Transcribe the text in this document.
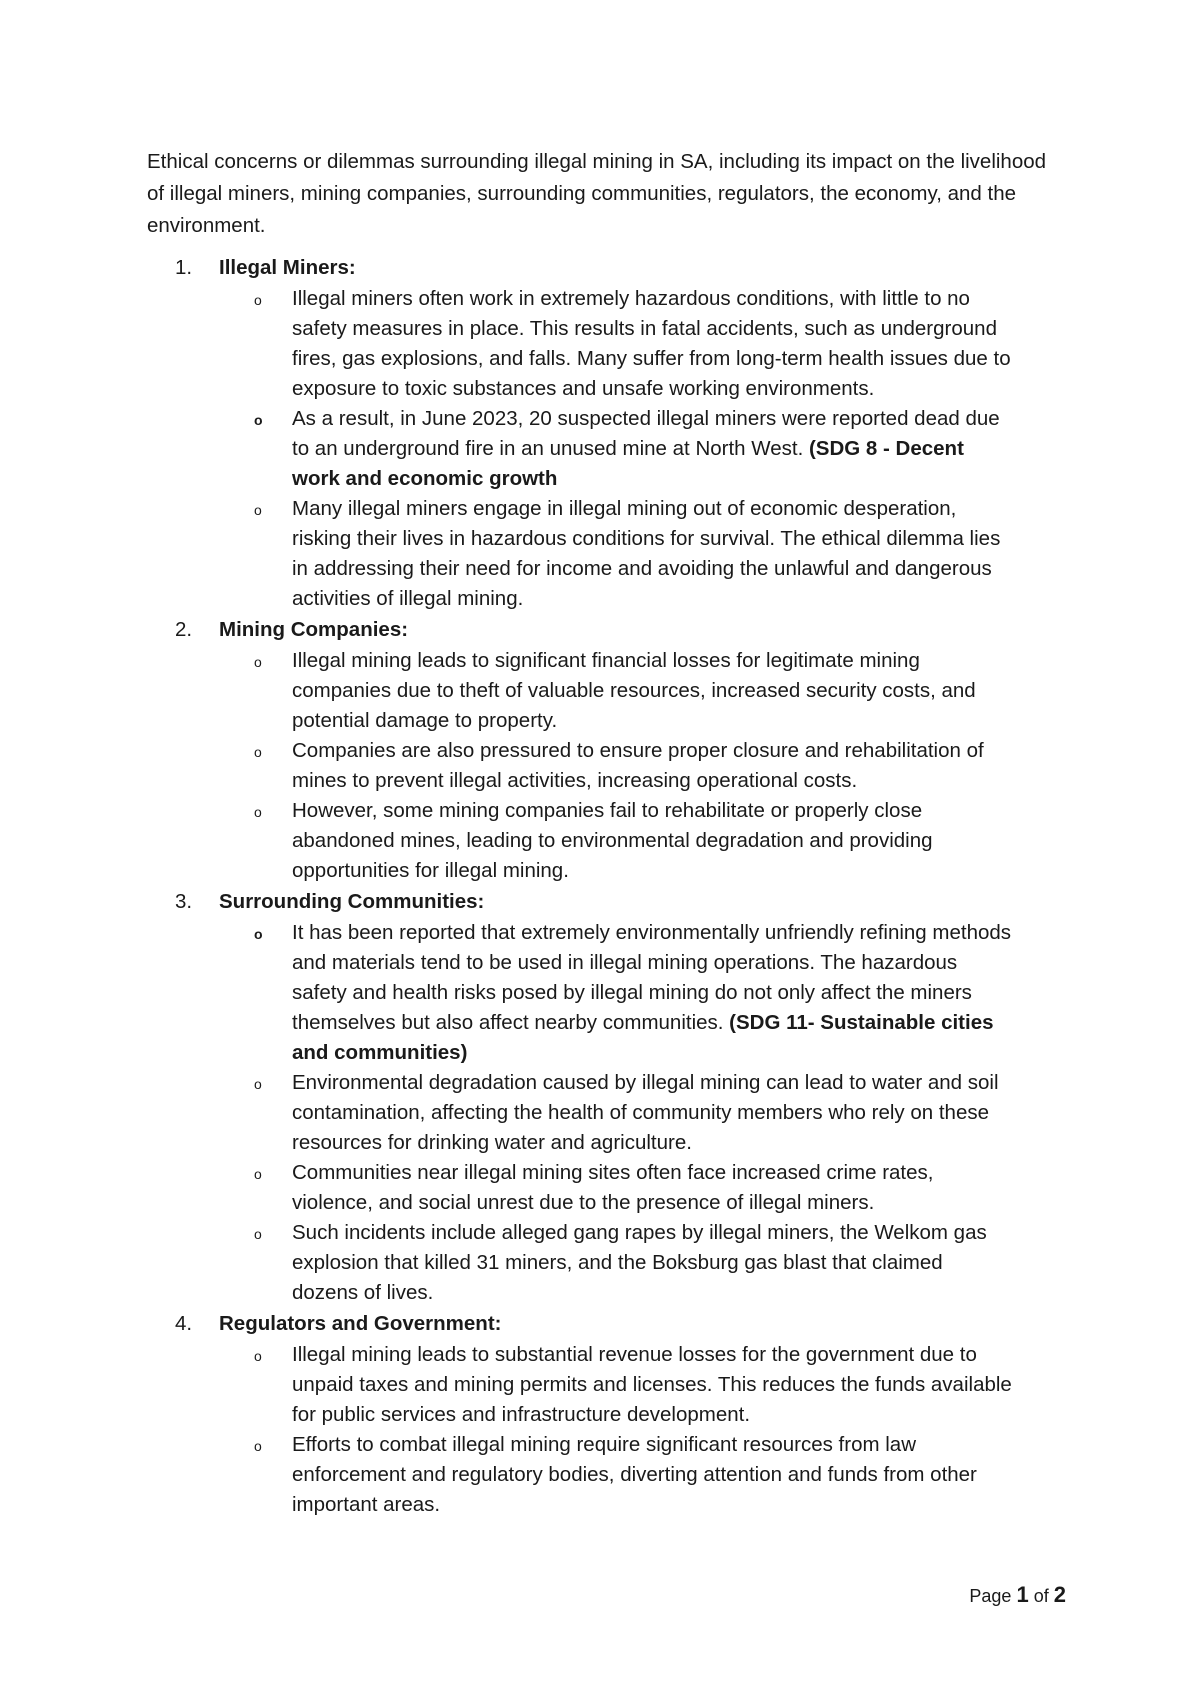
Ethical concerns or dilemmas surrounding illegal mining in SA, including its impact on the livelihood of illegal miners, mining companies, surrounding communities, regulators, the economy, and the environment.

1.	Illegal Miners:
o Illegal miners often work in extremely hazardous conditions, with little to no safety measures in place. This results in fatal accidents, such as underground fires, gas explosions, and falls. Many suffer from long-term health issues due to exposure to toxic substances and unsafe working environments.
o As a result, in June 2023, 20 suspected illegal miners were reported dead due to an underground fire in an unused mine at North West. (SDG 8 - Decent work and economic growth
o Many illegal miners engage in illegal mining out of economic desperation, risking their lives in hazardous conditions for survival. The ethical dilemma lies in addressing their need for income and avoiding the unlawful and dangerous activities of illegal mining.
2.	Mining Companies:
o Illegal mining leads to significant financial losses for legitimate mining companies due to theft of valuable resources, increased security costs, and potential damage to property.
o Companies are also pressured to ensure proper closure and rehabilitation of mines to prevent illegal activities, increasing operational costs.
o However, some mining companies fail to rehabilitate or properly close abandoned mines, leading to environmental degradation and providing opportunities for illegal mining.
3.	Surrounding Communities:
o It has been reported that extremely environmentally unfriendly refining methods and materials tend to be used in illegal mining operations. The hazardous safety and health risks posed by illegal mining do not only affect the miners themselves but also affect nearby communities. (SDG 11- Sustainable cities and communities)
o Environmental degradation caused by illegal mining can lead to water and soil contamination, affecting the health of community members who rely on these resources for drinking water and agriculture.
o Communities near illegal mining sites often face increased crime rates, violence, and social unrest due to the presence of illegal miners.
o Such incidents include alleged gang rapes by illegal miners, the Welkom gas explosion that killed 31 miners, and the Boksburg gas blast that claimed dozens of lives.
4.	Regulators and Government:
o Illegal mining leads to substantial revenue losses for the government due to unpaid taxes and mining permits and licenses. This reduces the funds available for public services and infrastructure development.
o Efforts to combat illegal mining require significant resources from law enforcement and regulatory bodies, diverting attention and funds from other important areas.
Page 1 of 2
